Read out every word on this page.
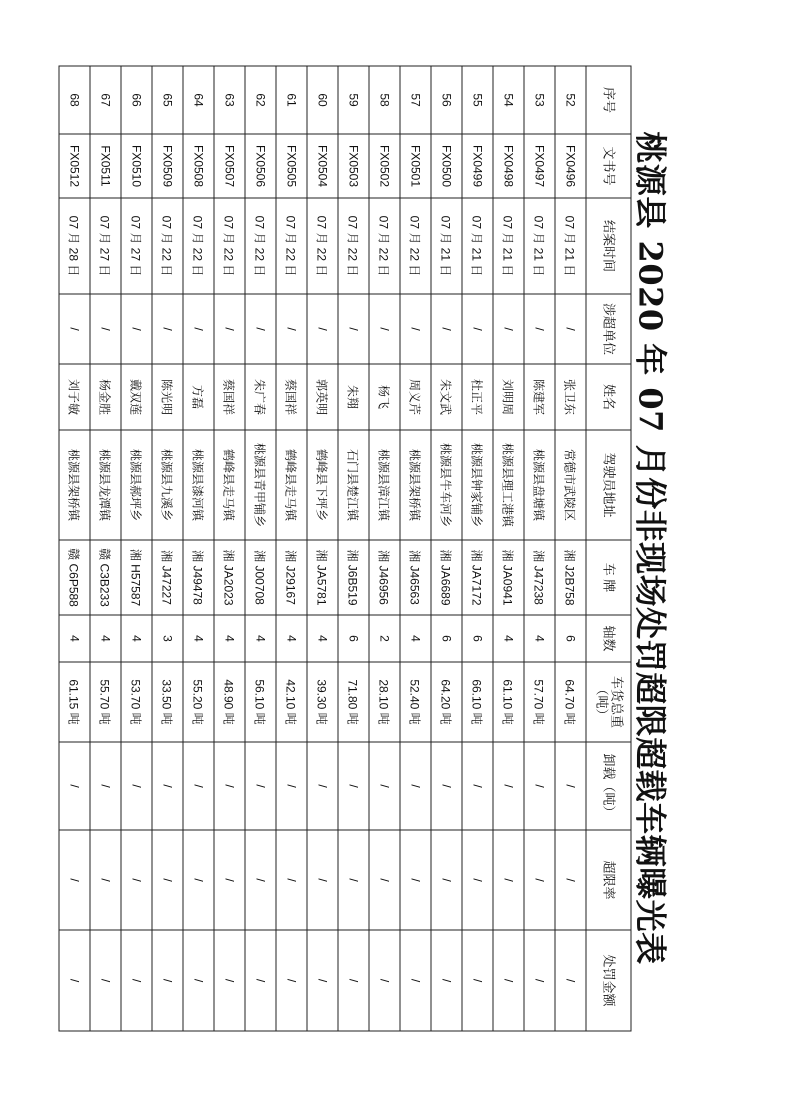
桃源县 2020 年 07 月份非现场处罚超限超载车辆曝光表
序号	文书号	结案时间	涉超单位	姓名	驾驶员地址	车 牌	轴数	车货总重（吨）	卸载（吨）	超限率	处罚金额
52	FX0496	07 月 21 日	/	张卫东	常德市武陵区	湘 J2B758	6	64.70 吨	/	/	/
53	FX0497	07 月 21 日	/	陈建军	桃源县盘塘镇	湘 J47238	4	57.70 吨	/	/	/
54	FX0498	07 月 21 日	/	刘明周	桃源县理工港镇	湘 JA0941	4	61.10 吨	/	/	/
55	FX0499	07 月 21 日	/	杜正平	桃源县钟家铺乡	湘 JA7172	6	66.10 吨	/	/	/
56	FX0500	07 月 21 日	/	朱文武	桃源县牛车河乡	湘 JA6689	6	64.20 吨	/	/	/
57	FX0501	07 月 22 日	/	周义芹	桃源县架桥镇	湘 J46563	4	52.40 吨	/	/	/
58	FX0502	07 月 22 日	/	杨飞	桃源县漳江镇	湘 J46956	2	28.10 吨	/	/	/
59	FX0503	07 月 22 日	/	朱翔	石门县楚江镇	湘 J6B519	6	71.80 吨	/	/	/
60	FX0504	07 月 22 日	/	郭英明	鹤峰县下坪乡	湘 JA5781	4	39.30 吨	/	/	/
61	FX0505	07 月 22 日	/	蔡国祥	鹤峰县走马镇	湘 J29167	4	42.10 吨	/	/	/
62	FX0506	07 月 22 日	/	朱广春	桃源县青甲铺乡	湘 J00708	4	56.10 吨	/	/	/
63	FX0507	07 月 22 日	/	蔡国祥	鹤峰县走马镇	湘 JA2023	4	48.90 吨	/	/	/
64	FX0508	07 月 22 日	/	方磊	桃源县漆河镇	湘 J49478	4	55.20 吨	/	/	/
65	FX0509	07 月 22 日	/	陈光明	桃源县九溪乡	湘 J47227	3	33.50 吨	/	/	/
66	FX0510	07 月 27 日	/	戴双莲	桃源县郝坪乡	湘 H57587	4	53.70 吨	/	/	/
67	FX0511	07 月 27 日	/	杨金胜	桃源县龙潭镇	赣 C3B233	4	55.70 吨	/	/	/
68	FX0512	07 月 28 日	/	刘子敏	桃源县架桥镇	赣 C6P588	4	61.15 吨	/	/	/
